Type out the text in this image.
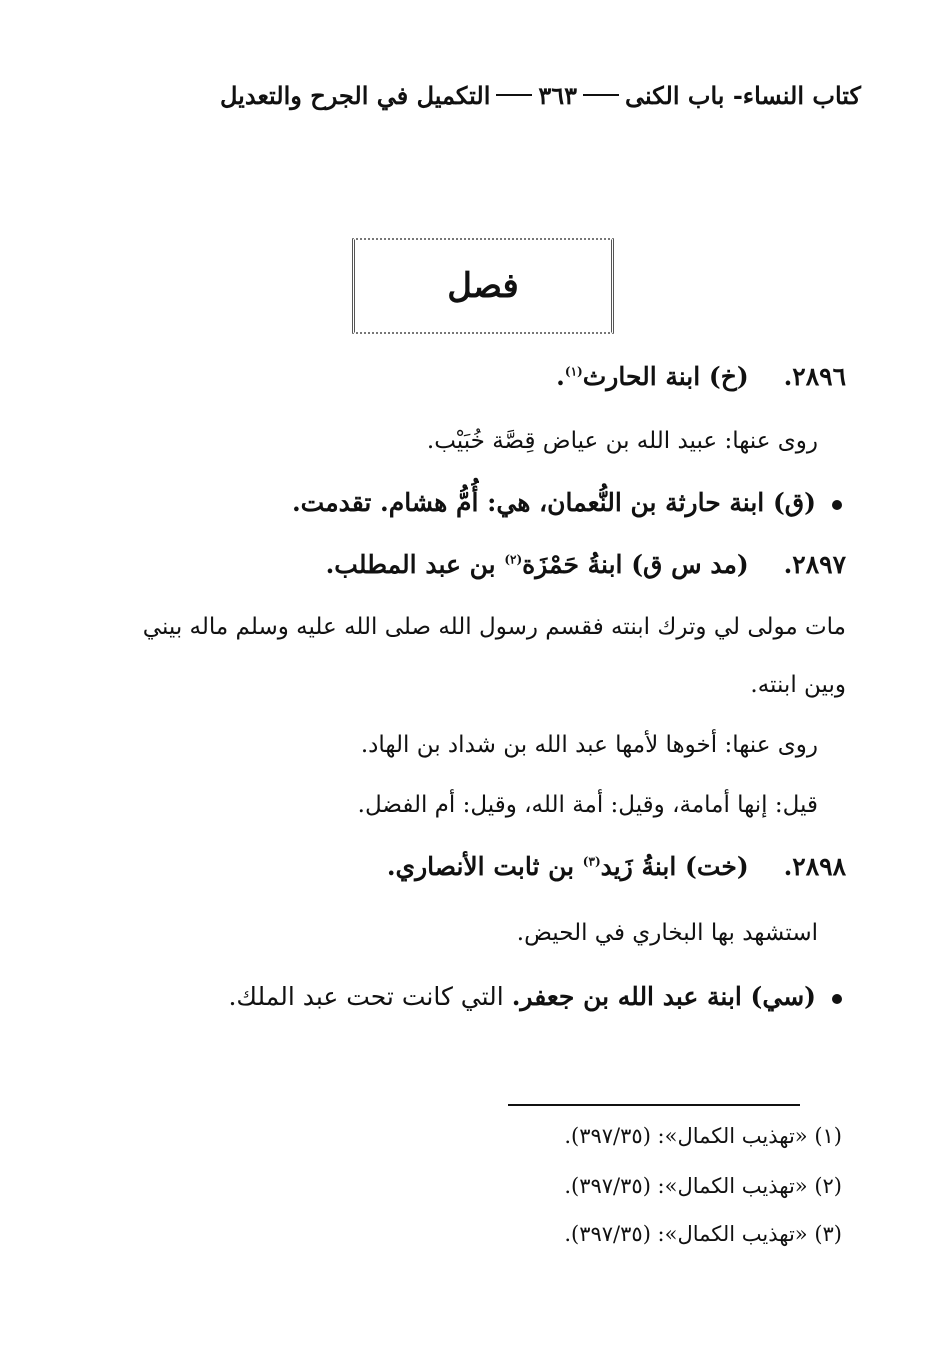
التكميل في الجرح والتعديل ٣٦٣ كتاب النساء- باب الكنى
فصل
٢٨٩٦.    (خ) ابنة الحارث$^{(١)}$.
روى عنها: عبيد الله بن عياض قِصَّة خُبَيْب.
(ق) ابنة حارثة بن النُّعمان، هي: أُمُّ هشام. تقدمت.
٢٨٩٧.    (مد س ق) ابنةُ حَمْزَة$^{(٢)}$ بن عبد المطلب.
مات مولى لي وترك ابنته فقسم رسول الله صلى الله عليه وسلم ماله بيني
وبين ابنته.
روى عنها: أخوها لأمها عبد الله بن شداد بن الهاد.
قيل: إنها أمامة، وقيل: أمة الله، وقيل: أم الفضل.
٢٨٩٨.    (خت) ابنةُ زَيد$^{(٣)}$ بن ثابت الأنصاري.
استشهد بها البخاري في الحيض.
(سي) ابنة عبد الله بن جعفر. التي كانت تحت عبد الملك.
(١) «تهذيب الكمال»: (٣٩٧/٣٥).
(٢) «تهذيب الكمال»: (٣٩٧/٣٥).
(٣) «تهذيب الكمال»: (٣٩٧/٣٥).
